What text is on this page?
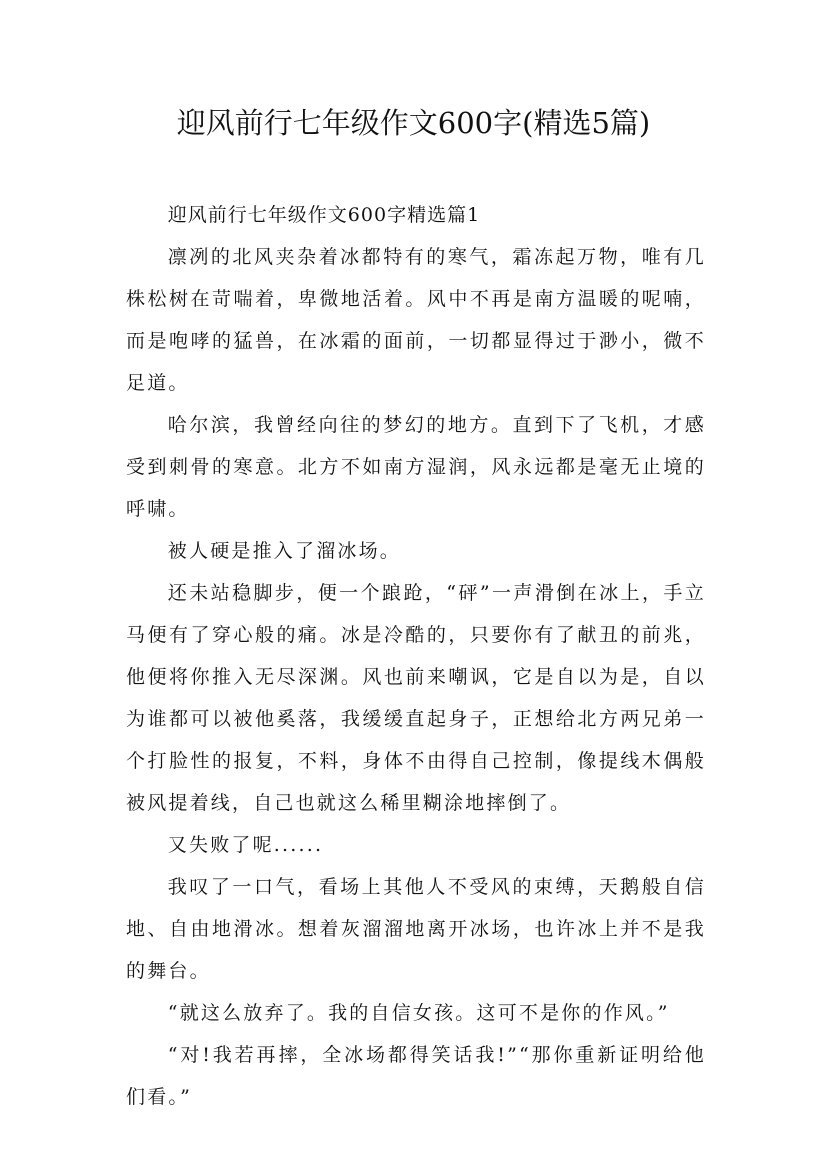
迎风前行七年级作文600字(精选5篇)

迎风前行七年级作文600字精选篇1

凛冽的北风夹杂着冰都特有的寒气，霜冻起万物，唯有几株松树在苛喘着，卑微地活着。风中不再是南方温暖的呢喃，而是咆哮的猛兽，在冰霜的面前，一切都显得过于渺小，微不足道。

哈尔滨，我曾经向往的梦幻的地方。直到下了飞机，才感受到刺骨的寒意。北方不如南方湿润，风永远都是毫无止境的呼啸。

被人硬是推入了溜冰场。

还未站稳脚步，便一个踉跄，“砰”一声滑倒在冰上，手立马便有了穿心般的痛。冰是冷酷的，只要你有了献丑的前兆，他便将你推入无尽深渊。风也前来嘲讽，它是自以为是，自以为谁都可以被他奚落，我缓缓直起身子，正想给北方两兄弟一个打脸性的报复，不料，身体不由得自己控制，像提线木偶般被风提着线，自己也就这么稀里糊涂地摔倒了。

又失败了呢......

我叹了一口气，看场上其他人不受风的束缚，天鹅般自信地、自由地滑冰。想着灰溜溜地离开冰场，也许冰上并不是我的舞台。

“就这么放弃了。我的自信女孩。这可不是你的作风。”

“对!我若再摔，全冰场都得笑话我!”“那你重新证明给他们看。”
